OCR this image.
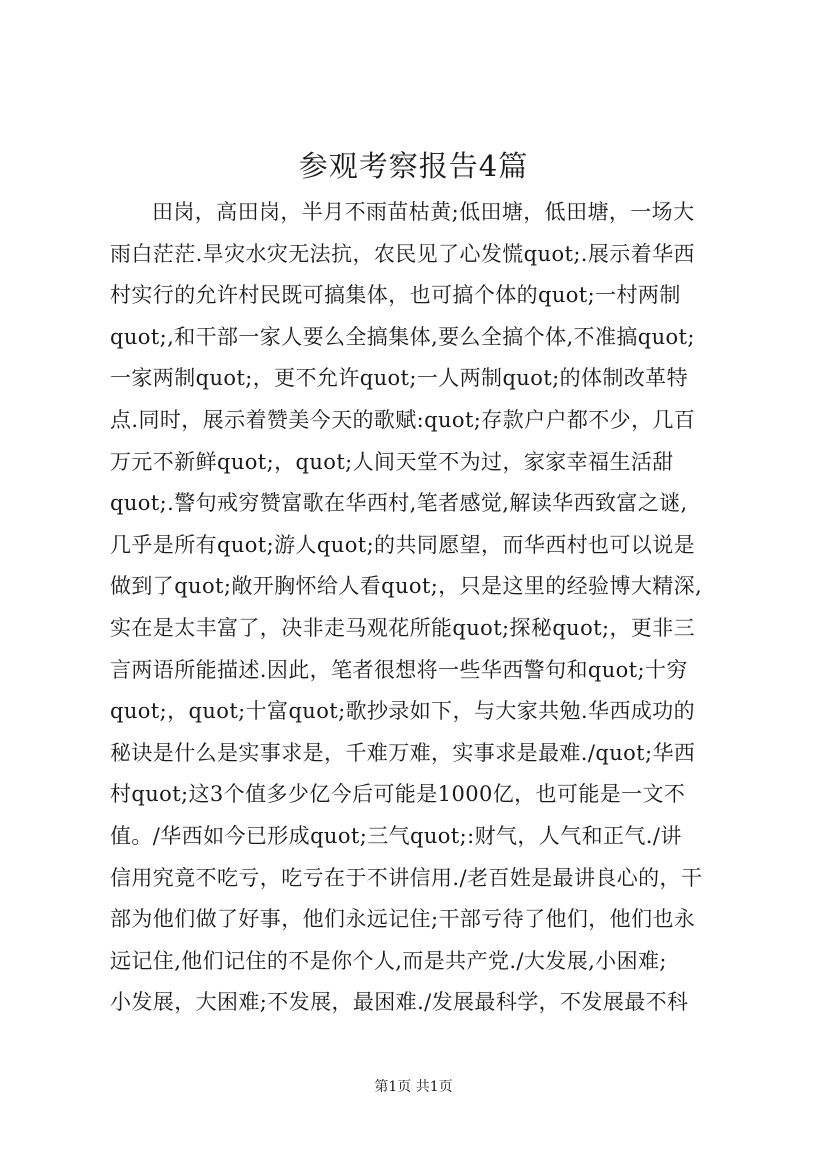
参观考察报告4篇
田岗，高田岗，半月不雨苗枯黄;低田塘，低田塘，一场大
雨白茫茫.旱灾水灾无法抗，农民见了心发慌quot;.展示着华西
村实行的允许村民既可搞集体，也可搞个体的quot;一村两制
quot;,和干部一家人要么全搞集体,要么全搞个体,不准搞quot;
一家两制quot;，更不允许quot;一人两制quot;的体制改革特
点.同时，展示着赞美今天的歌赋:quot;存款户户都不少，几百
万元不新鲜quot;，quot;人间天堂不为过，家家幸福生活甜
quot;.警句戒穷赞富歌在华西村,笔者感觉,解读华西致富之谜,
几乎是所有quot;游人quot;的共同愿望，而华西村也可以说是
做到了quot;敞开胸怀给人看quot;，只是这里的经验博大精深,
实在是太丰富了，决非走马观花所能quot;探秘quot;，更非三
言两语所能描述.因此，笔者很想将一些华西警句和quot;十穷
quot;，quot;十富quot;歌抄录如下，与大家共勉.华西成功的
秘诀是什么是实事求是，千难万难，实事求是最难./quot;华西
村quot;这3个值多少亿今后可能是1000亿，也可能是一文不
值。/华西如今已形成quot;三气quot;:财气，人气和正气./讲
信用究竟不吃亏，吃亏在于不讲信用./老百姓是最讲良心的，干
部为他们做了好事，他们永远记住;干部亏待了他们，他们也永
远记住,他们记住的不是你个人,而是共产党./大发展,小困难;
小发展，大困难;不发展，最困难./发展最科学，不发展最不科
第1页 共1页
